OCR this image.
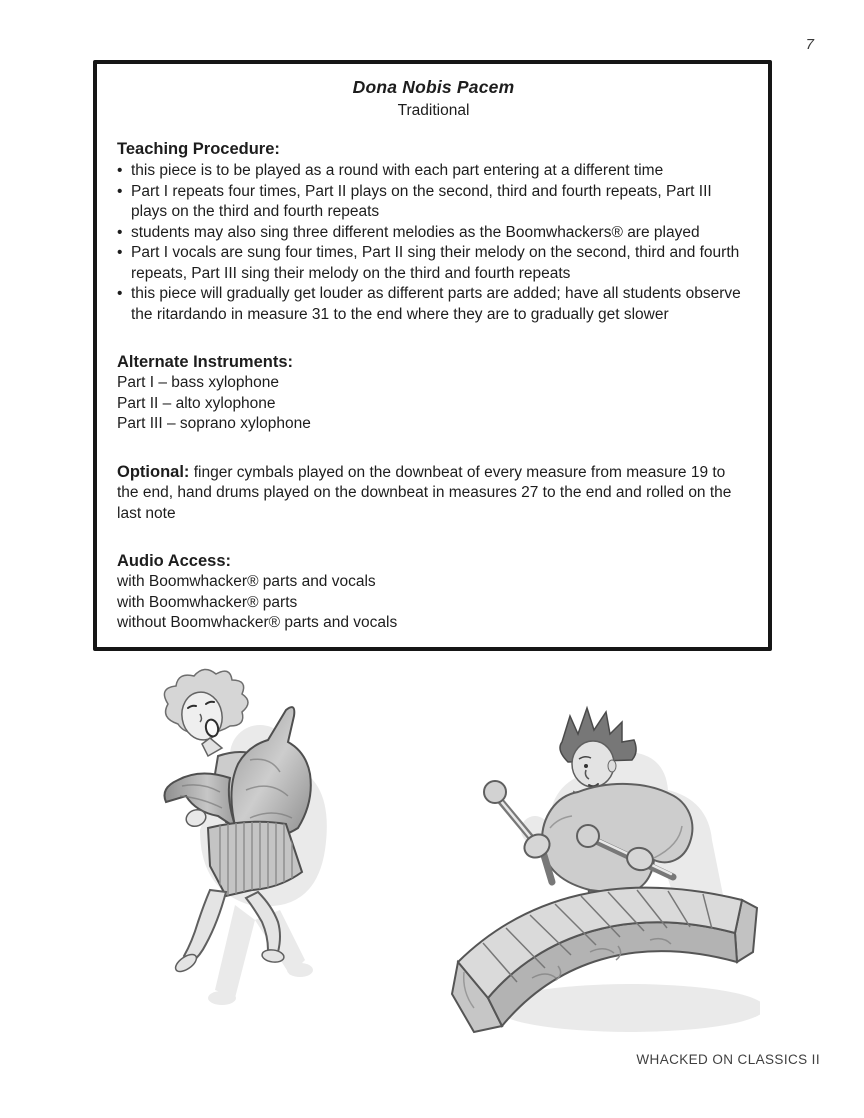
7
Dona Nobis Pacem
Traditional
Teaching Procedure:
• this piece is to be played as a round with each part entering at a different time
• Part I repeats four times, Part II plays on the second, third and fourth repeats, Part III plays on the third and fourth repeats
• students may also sing three different melodies as the Boomwhackers® are played
• Part I vocals are sung four times, Part II sing their melody on the second, third and fourth repeats, Part III sing their melody on the third and fourth repeats
• this piece will gradually get louder as different parts are added; have all students observe the ritardando in measure 31 to the end where they are to gradually get slower
Alternate Instruments:
Part I – bass xylophone
Part II – alto xylophone
Part III – soprano xylophone

Optional: finger cymbals played on the downbeat of every measure from measure 19 to the end, hand drums played on the downbeat in measures 27 to the end and rolled on the last note

Audio Access:
with Boomwhacker® parts and vocals
with Boomwhacker® parts
without Boomwhacker® parts and vocals
WHACKED ON CLASSICS II
